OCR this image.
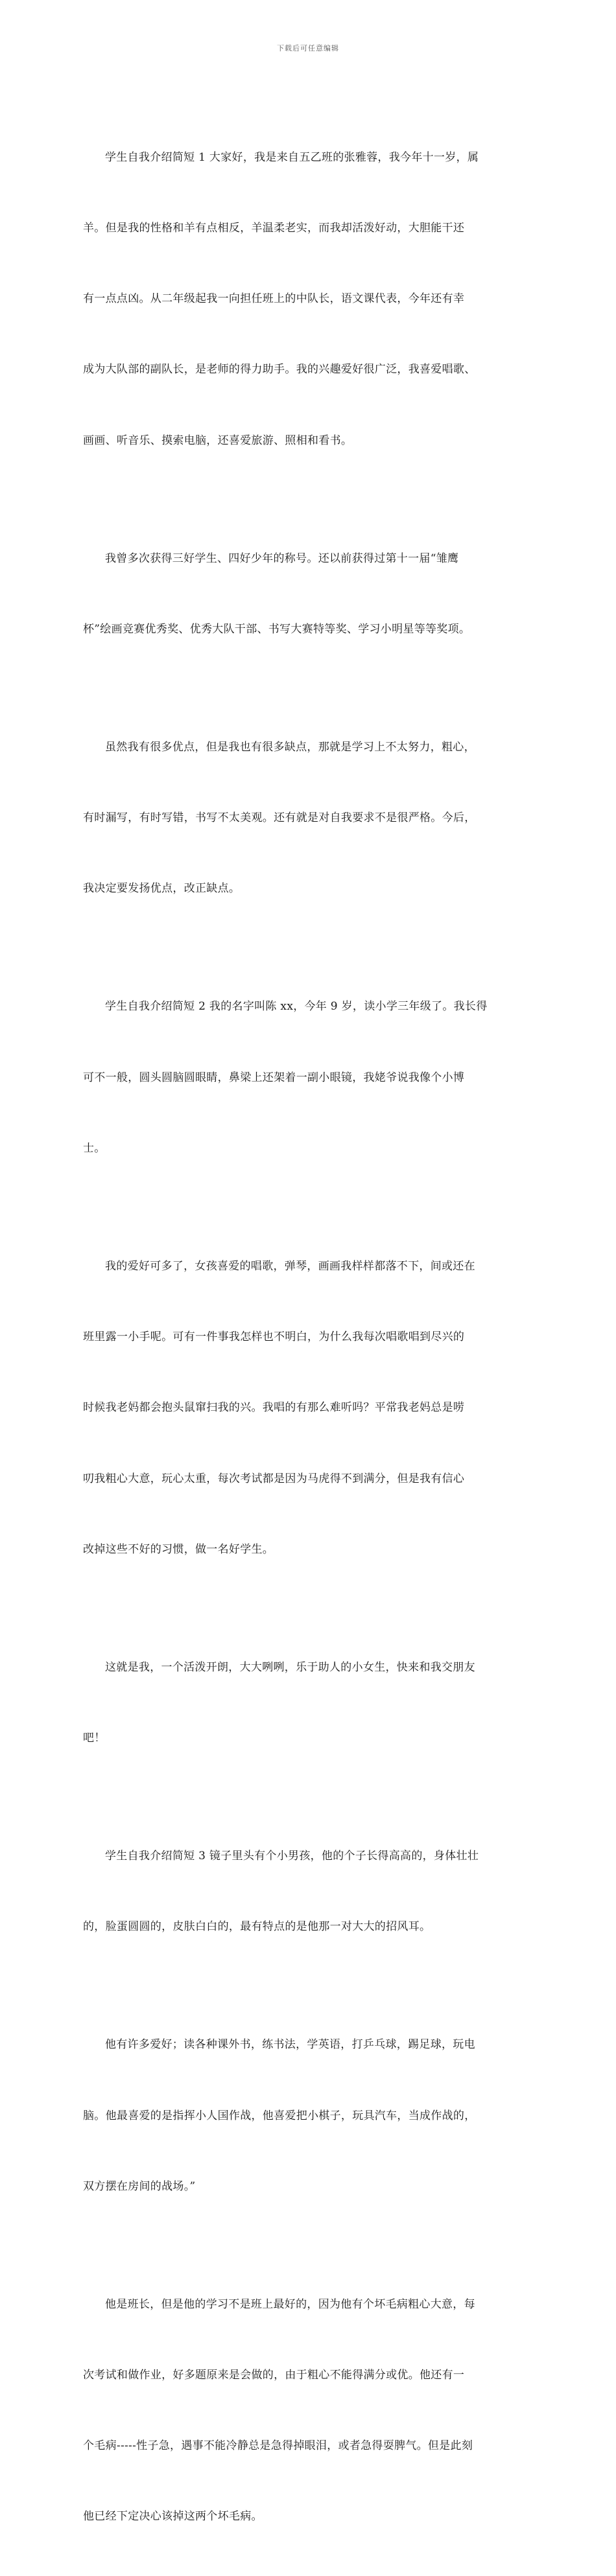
下载后可任意编辑

学生自我介绍简短 1 大家好，我是来自五乙班的张雅蓉，我今年十一岁，属

羊。但是我的性格和羊有点相反，羊温柔老实，而我却活泼好动，大胆能干还

有一点点凶。从二年级起我一向担任班上的中队长，语文课代表，今年还有幸

成为大队部的副队长，是老师的得力助手。我的兴趣爱好很广泛，我喜爱唱歌、

画画、听音乐、摸索电脑，还喜爱旅游、照相和看书。

我曾多次获得三好学生、四好少年的称号。还以前获得过第十一届“雏鹰

杯”绘画竞赛优秀奖、优秀大队干部、书写大赛特等奖、学习小明星等等奖项。

虽然我有很多优点，但是我也有很多缺点，那就是学习上不太努力，粗心，

有时漏写，有时写错，书写不太美观。还有就是对自我要求不是很严格。今后，

我决定要发扬优点，改正缺点。

学生自我介绍简短 2 我的名字叫陈 xx，今年 9 岁，读小学三年级了。我长得

可不一般，圆头圆脑圆眼睛，鼻梁上还架着一副小眼镜，我姥爷说我像个小博

士。

我的爱好可多了，女孩喜爱的唱歌，弹琴，画画我样样都落不下，间或还在

班里露一小手呢。可有一件事我怎样也不明白，为什么我每次唱歌唱到尽兴的

时候我老妈都会抱头鼠窜扫我的兴。我唱的有那么难听吗？平常我老妈总是唠

叨我粗心大意，玩心太重，每次考试都是因为马虎得不到满分，但是我有信心

改掉这些不好的习惯，做一名好学生。

这就是我，一个活泼开朗，大大咧咧，乐于助人的小女生，快来和我交朋友

吧！

学生自我介绍简短 3 镜子里头有个小男孩，他的个子长得高高的，身体壮壮

的，脸蛋圆圆的，皮肤白白的，最有特点的是他那一对大大的招风耳。

他有许多爱好；读各种课外书，练书法，学英语，打乒乓球，踢足球，玩电

脑。他最喜爱的是指挥小人国作战，他喜爱把小棋子，玩具汽车，当成作战的，

双方摆在房间的战场。”

他是班长，但是他的学习不是班上最好的，因为他有个坏毛病粗心大意，每

次考试和做作业，好多题原来是会做的，由于粗心不能得满分或优。他还有一

个毛病-----性子急，遇事不能冷静总是急得掉眼泪，或者急得耍脾气。但是此刻

他已经下定决心该掉这两个坏毛病。
